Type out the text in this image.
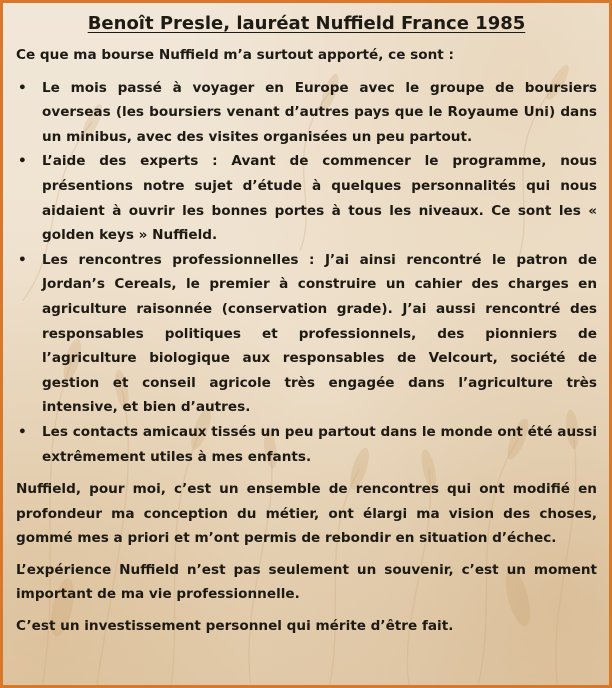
Benoît Presle, lauréat Nuffield France 1985
Ce que ma bourse Nuffield m’a surtout apporté, ce sont :
• Le mois passé à voyager en Europe avec le groupe de boursiers overseas (les boursiers venant d’autres pays que le Royaume Uni) dans un minibus, avec des visites organisées un peu partout.
• L’aide des experts : Avant de commencer le programme, nous présentions notre sujet d’étude à quelques personnalités qui nous aidaient à ouvrir les bonnes portes à tous les niveaux. Ce sont les « golden keys » Nuffield.
• Les rencontres professionnelles : J’ai ainsi rencontré le patron de Jordan’s Cereals, le premier à construire un cahier des charges en agriculture raisonnée (conservation grade). J’ai aussi rencontré des responsables politiques et professionnels, des pionniers de l’agriculture biologique aux responsables de Velcourt, société de gestion et conseil agricole très engagée dans l’agriculture très intensive, et bien d’autres.
• Les contacts amicaux tissés un peu partout dans le monde ont été aussi extrêmement utiles à mes enfants.

Nuffield, pour moi, c’est un ensemble de rencontres qui ont modifié en profondeur ma conception du métier, ont élargi ma vision des choses, gommé mes a priori et m’ont permis de rebondir en situation d’échec.

L’expérience Nuffield n’est pas seulement un souvenir, c’est un moment important de ma vie professionnelle.

C’est un investissement personnel qui mérite d’être fait.
